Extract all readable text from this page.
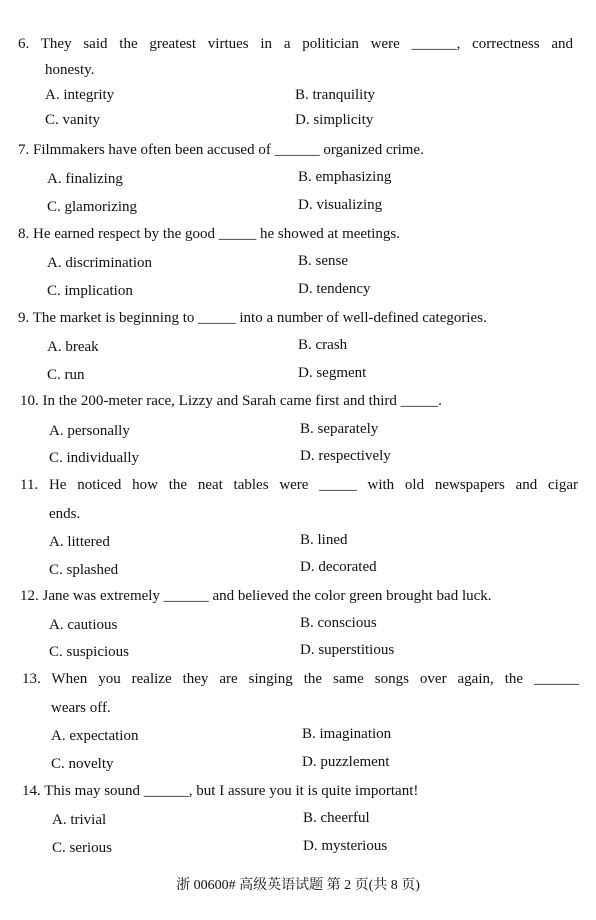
6. They said the greatest virtues in a politician were ______, correctness and
honesty.
A. integrity	B. tranquility
C. vanity	D. simplicity
7. Filmmakers have often been accused of ______ organized crime.
A. finalizing	B. emphasizing
C. glamorizing	D. visualizing
8. He earned respect by the good _____ he showed at meetings.
A. discrimination	B. sense
C. implication	D. tendency
9. The market is beginning to _____ into a number of well-defined categories.
A. break	B. crash
C. run	D. segment
10. In the 200-meter race, Lizzy and Sarah came first and third _____.
A. personally	B. separately
C. individually	D. respectively
11. He noticed how the neat tables were _____ with old newspapers and cigar
ends.
A. littered	B. lined
C. splashed	D. decorated
12. Jane was extremely ______ and believed the color green brought bad luck.
A. cautious	B. conscious
C. suspicious	D. superstitious
13. When you realize they are singing the same songs over again, the ______
wears off.
A. expectation	B. imagination
C. novelty	D. puzzlement
14. This may sound ______, but I assure you it is quite important!
A. trivial	B. cheerful
C. serious	D. mysterious
浙 00600# 高级英语试题 第 2 页(共 8 页)
